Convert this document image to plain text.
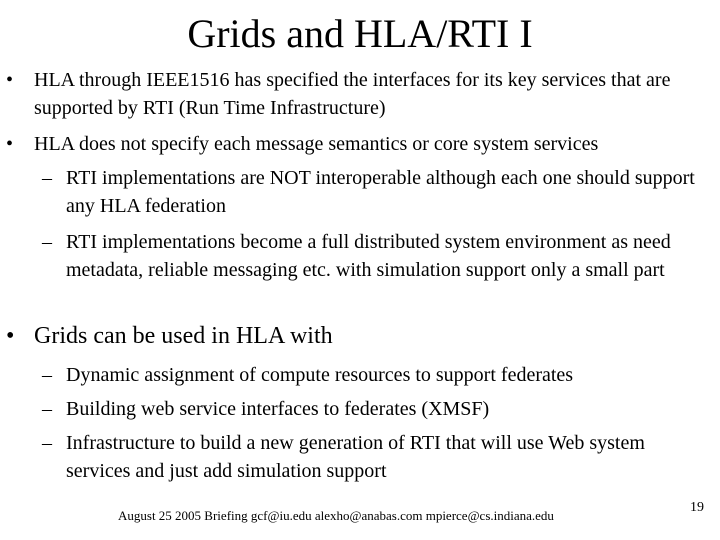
Grids and HLA/RTI I
• HLA through IEEE1516 has specified the interfaces for its key services that are supported by RTI (Run Time Infrastructure)
• HLA does not specify each message semantics or core system services
– RTI implementations are NOT interoperable although each one should support any HLA federation
– RTI implementations become a full distributed system environment as need metadata, reliable messaging etc. with simulation support only a small part
• Grids can be used in HLA with
– Dynamic assignment of compute resources to support federates
– Building web service interfaces to federates (XMSF)
– Infrastructure to build a new generation of RTI that will use Web system services and just add simulation support
August 25 2005 Briefing gcf@iu.edu alexho@anabas.com mpierce@cs.indiana.edu
19
